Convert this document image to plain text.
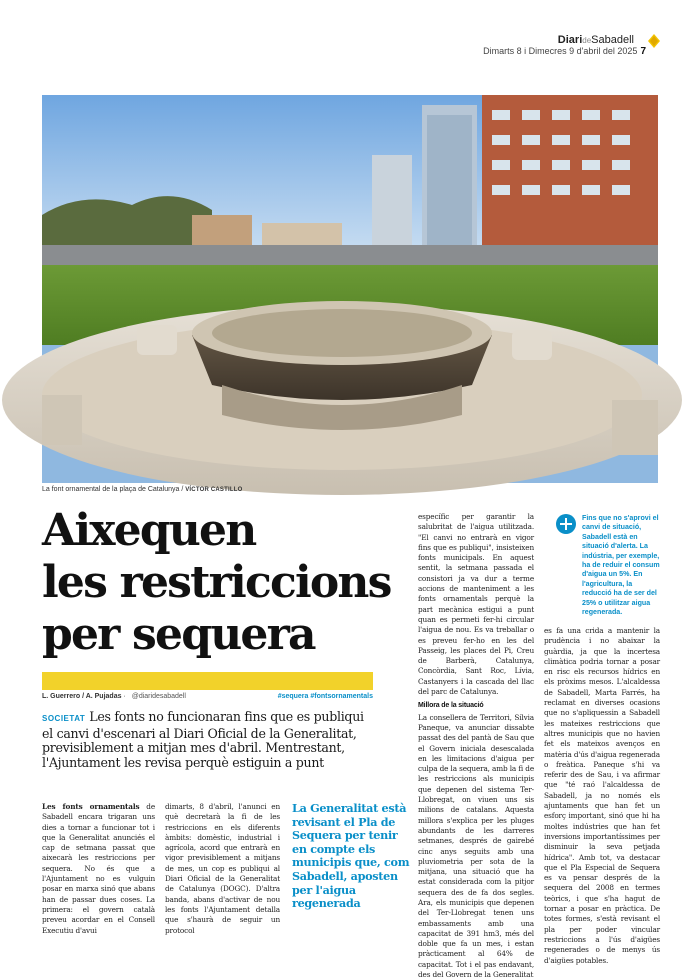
DiarideSabadell
Dimarts 8 i Dimecres 9 d'abril del 2025 7
La font ornamental de la plaça de Catalunya / VÍCTOR CASTILLO
Aixequen
les restriccions
per sequera
L. Guerrero / A. Pujadas · @diaridesabadell	#sequera #fontsornamentals
SOCIETAT Les fonts no funcionaran fins que es publiqui el canvi d'escenari al Diari Oficial de la Generalitat, previsiblement a mitjan mes d'abril. Mentrestant, l'Ajuntament les revisa perquè estiguin a punt

Les fonts ornamentals de Sabadell encara trigaran uns dies a tornar a funcionar tot i que la Generalitat anunciés el cap de setmana passat que aixecarà les restriccions per sequera. No és que a l'Ajuntament no es vulguin posar en marxa sinó que abans han de passar dues coses. La primera: el govern català preveu acordar en el Consell Executiu d'avui

dimarts, 8 d'abril, l'anunci en què decretarà la fi de les restriccions en els diferents àmbits: domèstic, industrial i agrícola, acord que entrarà en vigor previsiblement a mitjans de mes, un cop es publiqui al Diari Oficial de la Generalitat de Catalunya (DOGC). D'altra banda, abans d'activar de nou les fonts l'Ajuntament detalla que s'haurà de seguir un protocol

La Generalitat està revisant el Pla de Sequera per tenir en compte els municipis que, com Sabadell, aposten per l'aigua regenerada

específic per garantir la salubritat de l'aigua utilitzada. "El canvi no entrarà en vigor fins que es publiqui", insisteixen fonts municipals. En aquest sentit, la setmana passada el consistori ja va dur a terme accions de manteniment a les fonts ornamentals perquè la part mecànica estigui a punt quan es permeti fer-hi circular l'aigua de nou. Es va treballar o es preveu fer-ho en les del Passeig, les places del Pi, Creu de Barberà, Catalunya, Concòrdia, Sant Roc, Lívia, Castanyers i la cascada del llac del parc de Catalunya.

Millora de la situació

La consellera de Territori, Sílvia Paneque, va anunciar dissabte passat des del pantà de Sau que el Govern iniciala desescalada en les limitacions d'aigua per culpa de la sequera, amb la fi de les restriccions als municipis que depenen del sistema Ter-Llobregat, on viuen uns sis milions de catalans. Aquesta millora s'explica per les pluges abundants de les darreres setmanes, després de gairebé cinc anys seguits amb una pluviometria per sota de la mitjana, una situació que ha estat considerada com la pitjor sequera des de fa dos segles. Ara, els municipis que depenen del Ter-Llobregat tenen uns embassaments amb una capacitat de 391 hm3, més del doble que fa un mes, i estan pràcticament al 64% de capacitat. Tot i el pas endavant, des del Govern de la Generalitat

Fins que no s'aprovi el canvi de situació, Sabadell està en situació d'alerta. La indústria, per exemple, ha de reduir el consum d'aigua un 5%. En l'agricultura, la reducció ha de ser del 25% o utilitzar aigua regenerada.

es fa una crida a mantenir la prudència i no abaixar la guàrdia, ja que la incertesa climàtica podria tornar a posar en risc els recursos hídrics en els pròxims mesos. L'alcaldessa de Sabadell, Marta Farrés, ha reclamat en diverses ocasions que no s'apliquessin a Sabadell les mateixes restriccions que altres municipis que no havien fet els mateixos avenços en matèria d'ús d'aigua regenerada o freàtica. Paneque s'hi va referir des de Sau, i va afirmar que "té raó l'alcaldessa de Sabadell, ja no només els ajuntaments que han fet un esforç important, sinó que hi ha moltes indústries que han fet inversions importantíssimes per disminuir la seva petjada hídrica". Amb tot, va destacar que el Pla Especial de Sequera es va pensar després de la sequera del 2008 en termes teòrics, i que s'ha hagut de tornar a posar en pràctica. De totes formes, s'està revisant el pla per poder vincular restriccions a l'ús d'aigües regenerades o de menys ús d'aigües potables.
